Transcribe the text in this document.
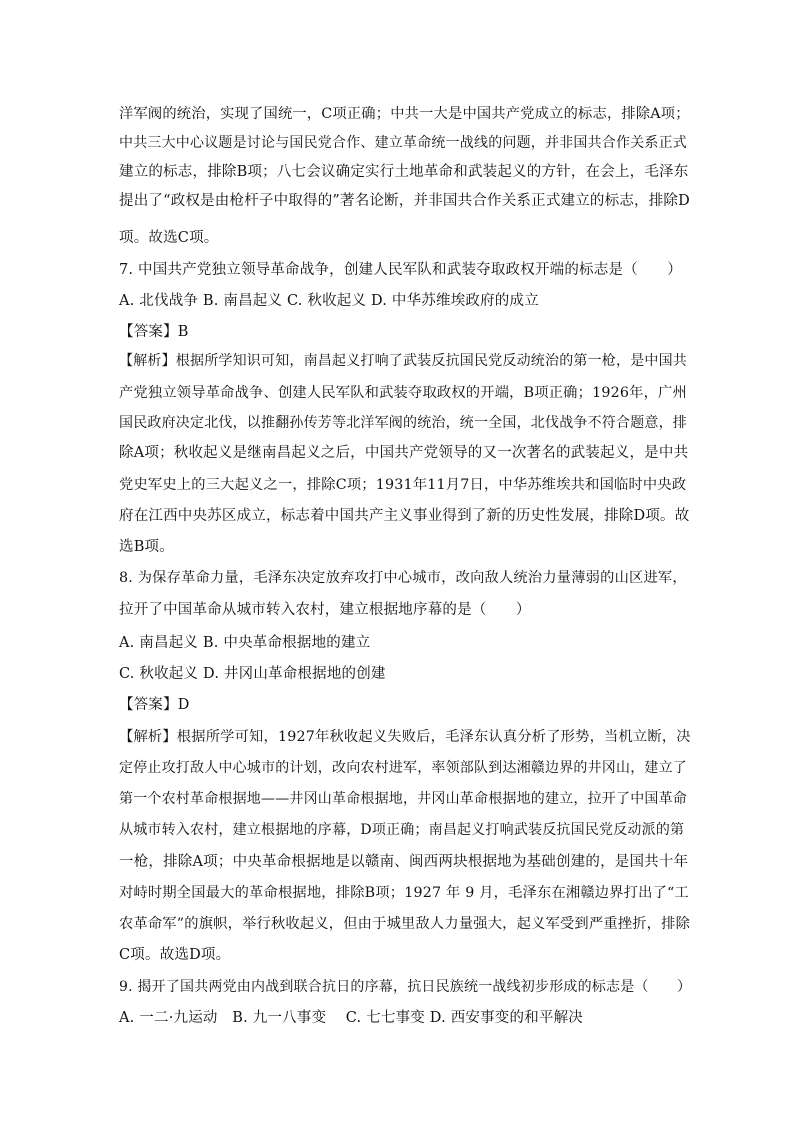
洋军阀的统治，实现了国统一，C项正确；中共一大是中国共产党成立的标志，排除A项；
中共三大中心议题是讨论与国民党合作、建立革命统一战线的问题，并非国共合作关系正式
建立的标志，排除B项；八七会议确定实行土地革命和武装起义的方针，在会上，毛泽东
提出了“政权是由枪杆子中取得的”著名论断，并非国共合作关系正式建立的标志，排除D
项。故选C项。
7. 中国共产党独立领导革命战争，创建人民军队和武装夺取政权开端的标志是（　　）
A. 北伐战争 B. 南昌起义 C. 秋收起义 D. 中华苏维埃政府的成立
【答案】B
【解析】根据所学知识可知，南昌起义打响了武装反抗国民党反动统治的第一枪，是中国共
产党独立领导革命战争、创建人民军队和武装夺取政权的开端，B项正确；1926年，广州
国民政府决定北伐，以推翻孙传芳等北洋军阀的统治，统一全国，北伐战争不符合题意，排
除A项；秋收起义是继南昌起义之后，中国共产党领导的又一次著名的武装起义，是中共
党史军史上的三大起义之一，排除C项；1931年11月7日，中华苏维埃共和国临时中央政
府在江西中央苏区成立，标志着中国共产主义事业得到了新的历史性发展，排除D项。故
选B项。
8. 为保存革命力量，毛泽东决定放弃攻打中心城市，改向敌人统治力量薄弱的山区进军，
拉开了中国革命从城市转入农村，建立根据地序幕的是（　　）
A. 南昌起义 B. 中央革命根据地的建立
C. 秋收起义 D. 井冈山革命根据地的创建
【答案】D
【解析】根据所学可知，1927年秋收起义失败后，毛泽东认真分析了形势，当机立断，决
定停止攻打敌人中心城市的计划，改向农村进军，率领部队到达湘赣边界的井冈山，建立了
第一个农村革命根据地——井冈山革命根据地，井冈山革命根据地的建立，拉开了中国革命
从城市转入农村，建立根据地的序幕，D项正确；南昌起义打响武装反抗国民党反动派的第
一枪，排除A项；中央革命根据地是以赣南、闽西两块根据地为基础创建的，是国共十年
对峙时期全国最大的革命根据地，排除B项；1927 年 9 月，毛泽东在湘赣边界打出了“工
农革命军”的旗帜，举行秋收起义，但由于城里敌人力量强大，起义军受到严重挫折，排除
C项。故选D项。
9. 揭开了国共两党由内战到联合抗日的序幕，抗日民族统一战线初步形成的标志是（　　）
A. 一二·九运动　B. 九一八事变　 C. 七七事变 D. 西安事变的和平解决
